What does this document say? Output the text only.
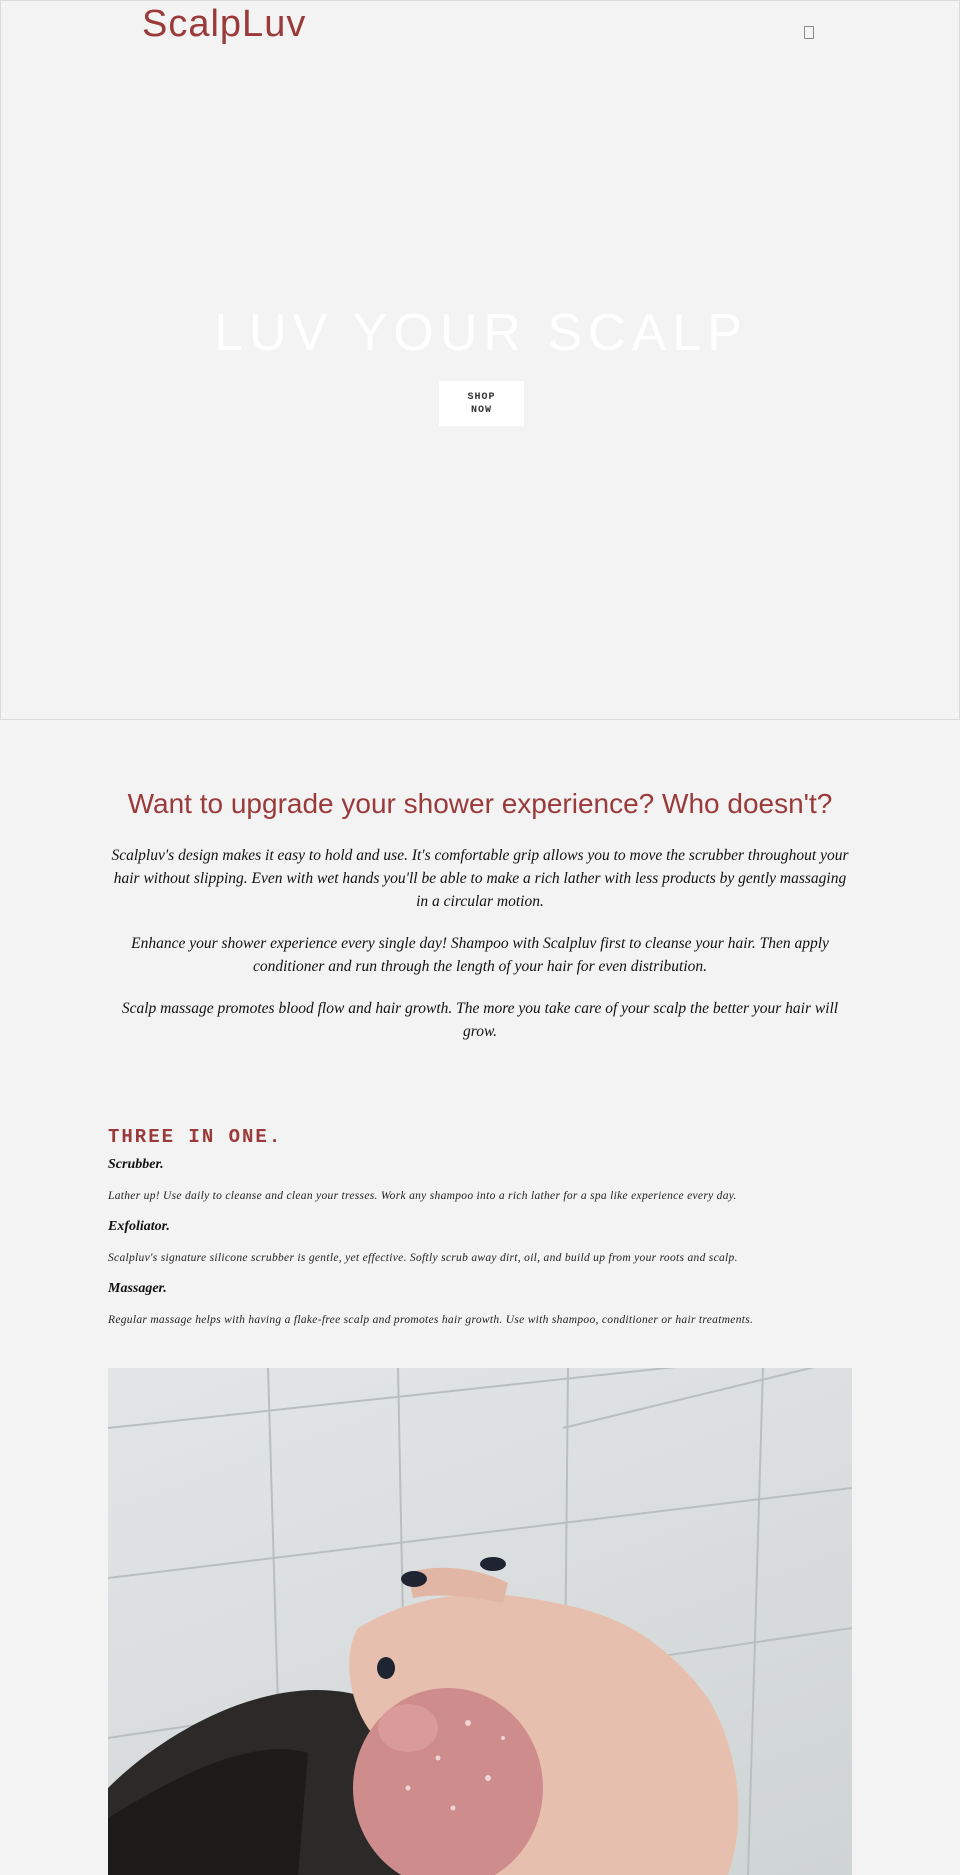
ScalpLuv
LUV YOUR SCALP
SHOP NOW
Want to upgrade your shower experience? Who doesn't?

Scalpluv's design makes it easy to hold and use. It's comfortable grip allows you to move the scrubber throughout your hair without slipping. Even with wet hands you'll be able to make a rich lather with less products by gently massaging in a circular motion.

Enhance your shower experience every single day! Shampoo with Scalpluv first to cleanse your hair. Then apply conditioner and run through the length of your hair for even distribution.

Scalp massage promotes blood flow and hair growth. The more you take care of your scalp the better your hair will grow.

THREE IN ONE.
Scrubber.
Lather up! Use daily to cleanse and clean your tresses. Work any shampoo into a rich lather for a spa like experience every day.
Exfoliator.
Scalpluv's signature silicone scrubber is gentle, yet effective. Softly scrub away dirt, oil, and build up from your roots and scalp.
Massager.
Regular massage helps with having a flake-free scalp and promotes hair growth. Use with shampoo, conditioner or hair treatments.
